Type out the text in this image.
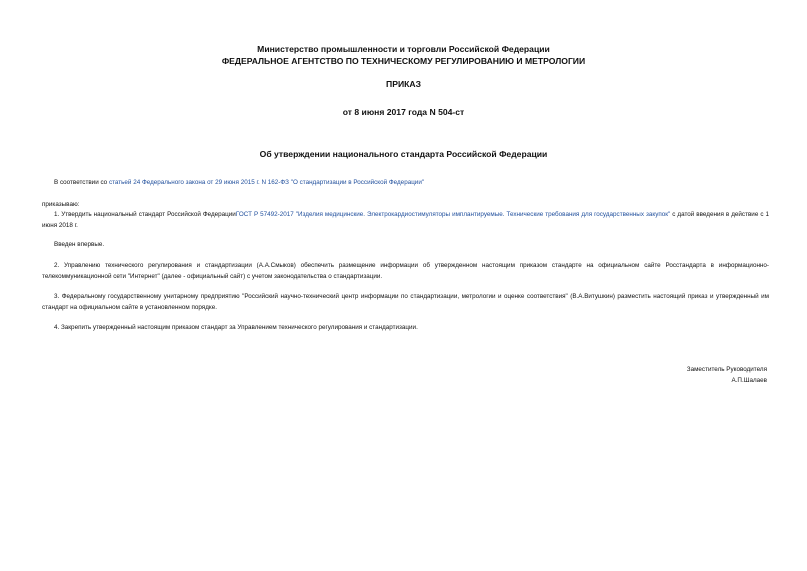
Министерство промышленности и торговли Российской Федерации
ФЕДЕРАЛЬНОЕ АГЕНТСТВО ПО ТЕХНИЧЕСКОМУ РЕГУЛИРОВАНИЮ И МЕТРОЛОГИИ
ПРИКАЗ
от 8 июня 2017 года N 504-ст
Об утверждении национального стандарта Российской Федерации
В соответствии со статьей 24 Федерального закона от 29 июня 2015 г. N 162-ФЗ "О стандартизации в Российской Федерации"
приказываю:
1. Утвердить национальный стандарт Российской ФедерацииГОСТ Р 57492-2017 "Изделия медицинские. Электрокардиостимуляторы имплантируемые. Технические требования для государственных закупок" с датой введения в действие с 1 июня 2018 г.
Введен впервые.
2. Управлению технического регулирования и стандартизации (А.А.Смыков) обеспечить размещение информации об утвержденном настоящим приказом стандарте на официальном сайте Росстандарта в информационно-телекоммуникационной сети "Интернет" (далее - официальный сайт) с учетом законодательства о стандартизации.
3. Федеральному государственному унитарному предприятию "Российский научно-технический центр информации по стандартизации, метрологии и оценке соответствия" (В.А.Витушкин) разместить настоящий приказ и утвержденный им стандарт на официальном сайте в установленном порядке.
4. Закрепить утвержденный настоящим приказом стандарт за Управлением технического регулирования и стандартизации.
Заместитель Руководителя
А.П.Шалаев
